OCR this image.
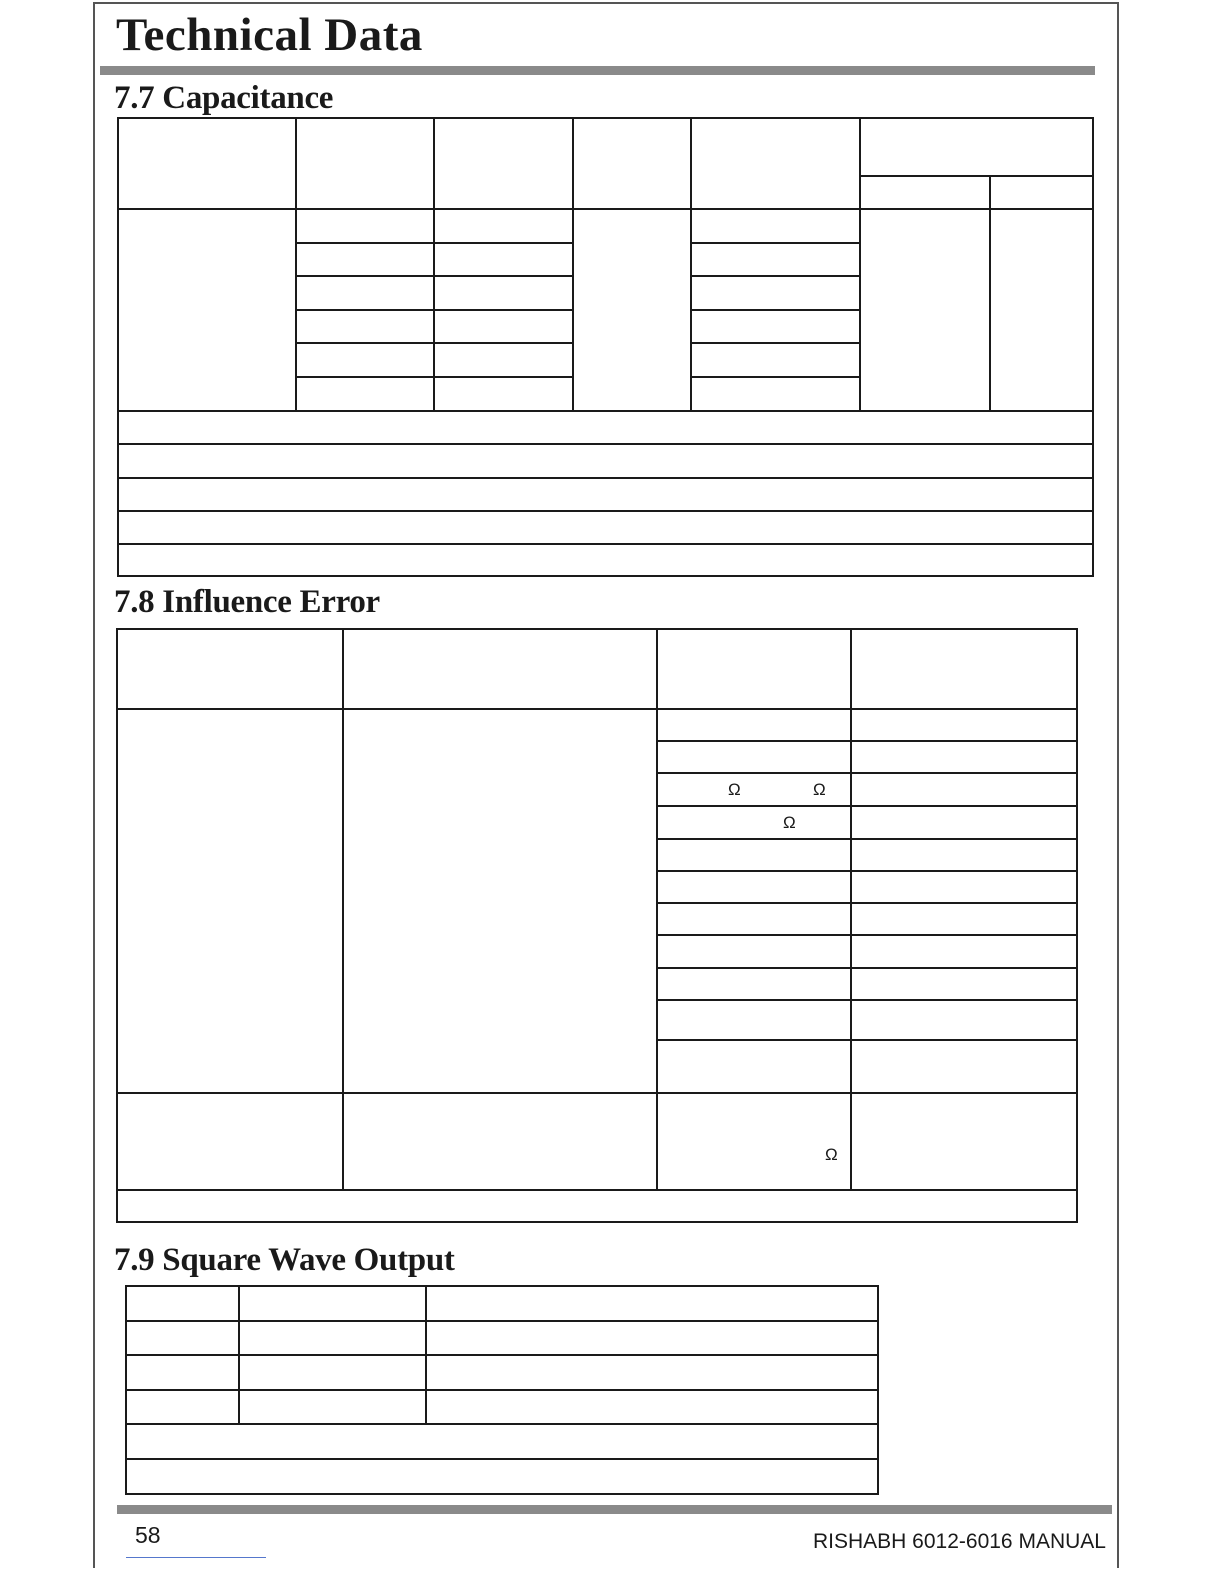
Technical Data
7.7 Capacitance
7.8 Influence Error
Ω	Ω
Ω
Ω
7.9 Square Wave Output
58	RISHABH 6012-6016 MANUAL
